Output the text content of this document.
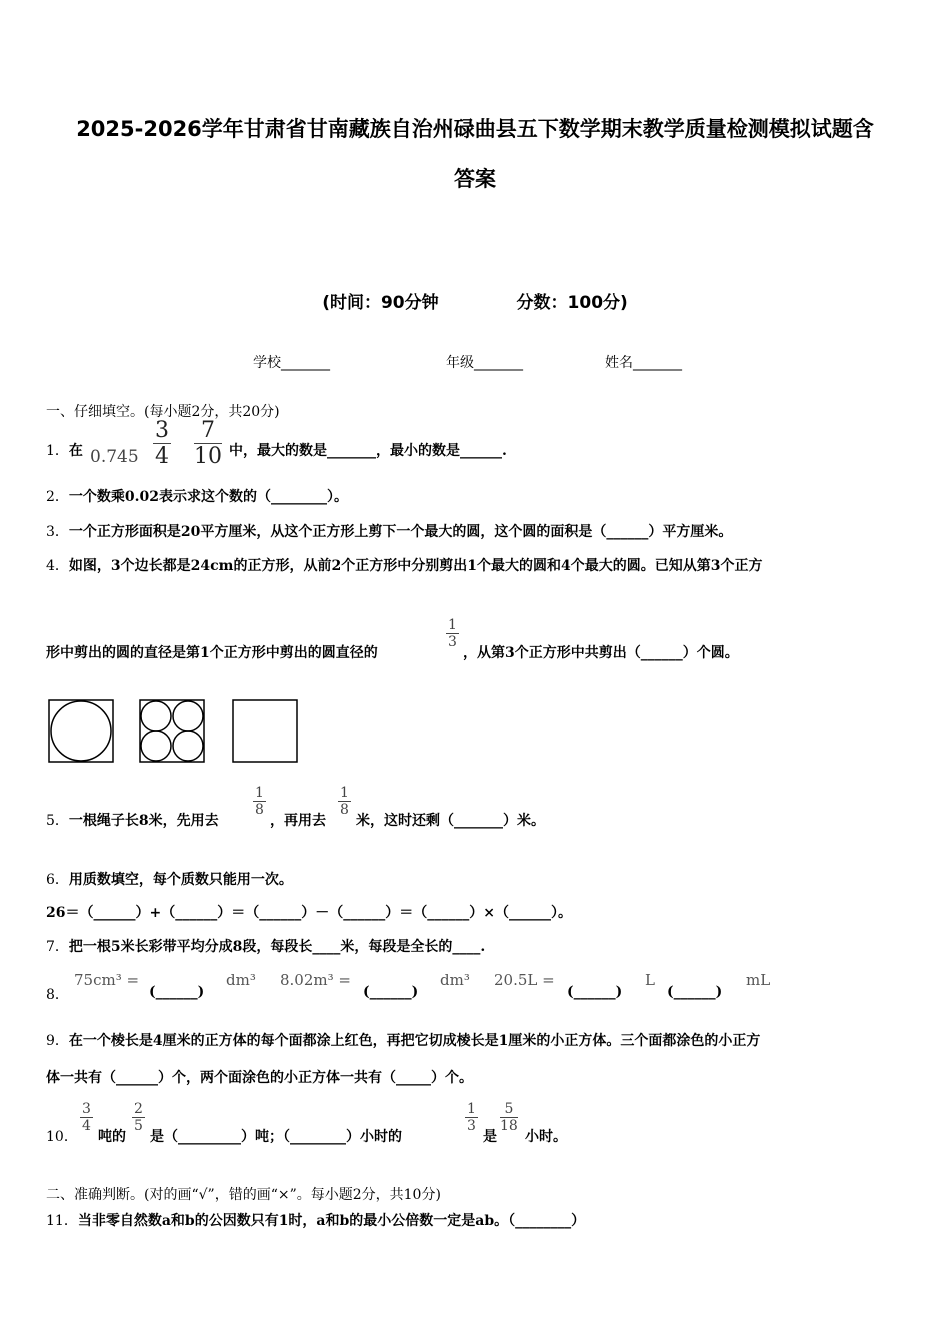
2025-2026学年甘肃省甘南藏族自治州碌曲县五下数学期末教学质量检测模拟试题含
答案
(时间：90分钟	分数：100分)
学校_______	年级_______	姓名_______
一、仔细填空。(每小题2分，共20分)
1．在 $0.745 \frac{3}{4} \frac{7}{10}$ 中，最大的数是_______，最小的数是______.
2．一个数乘0.02表示求这个数的（________）。
3．一个正方形面积是20平方厘米，从这个正方形上剪下一个最大的圆，这个圆的面积是（______）平方厘米。
4．如图，3个边长都是24cm的正方形，从前2个正方形中分别剪出1个最大的圆和4个最大的圆。已知从第3个正方
形中剪出的圆的直径是第1个正方形中剪出的圆直径的
$\frac{1}{3}$
，从第3个正方形中共剪出（______）个圆。
5．一根绳子长8米，先用去
$\frac{1}{8}$
，再用去
$\frac{1}{8}$
米，这时还剩（_______）米。
6．用质数填空，每个质数只能用一次。
26＝（______）+（______）＝（______）－（______）＝（______）×（______）。
7．把一根5米长彩带平均分成8段，每段长____米，每段是全长的____.
8．
75cm³ =
(______)
dm³ 8.02m³ =
(______)
dm³ 20.5L =
(______)
L
(______)
mL
9．在一个棱长是4厘米的正方体的每个面都涂上红色，再把它切成棱长是1厘米的小正方体。三个面都涂色的小正方
体一共有（______）个，两个面涂色的小正方体一共有（_____）个。
10．
$\frac{3}{4}$
吨的
$\frac{2}{5}$
是（_________）吨；（________）小时的
$\frac{1}{3}$
是
$\frac{5}{18}$
小时。
二、准确判断。(对的画“√”，错的画“×”。每小题2分，共10分)
11．当非零自然数a和b的公因数只有1时，a和b的最小公倍数一定是ab。（________）
